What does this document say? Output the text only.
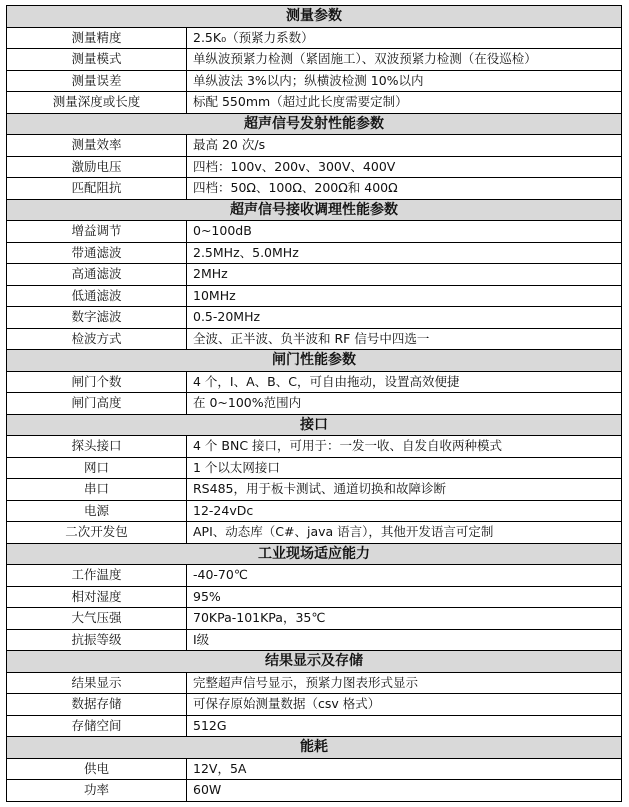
测量参数	
测量精度	2.5K₀（预紧力系数）
测量模式	单纵波预紧力检测（紧固施工）、双波预紧力检测（在役巡检）
测量误差	单纵波法 3%以内；纵横波检测 10%以内
测量深度或长度	标配 550mm（超过此长度需要定制）
超声信号发射性能参数	
测量效率	最高 20 次/s
激励电压	四档：100v、200v、300V、400V
匹配阻抗	四档：50Ω、100Ω、200Ω和 400Ω
超声信号接收调理性能参数	
增益调节	0~100dB
带通滤波	2.5MHz、5.0MHz
高通滤波	2MHz
低通滤波	10MHz
数字滤波	0.5-20MHz
检波方式	全波、正半波、负半波和 RF 信号中四选一
闸门性能参数	
闸门个数	4 个，I、A、B、C，可自由拖动，设置高效便捷
闸门高度	在 0~100%范围内
接口	
探头接口	4 个 BNC 接口，可用于：一发一收、自发自收两种模式
网口	1 个以太网接口
串口	RS485，用于板卡测试、通道切换和故障诊断
电源	12-24vDc
二次开发包	API、动态库（C#、java 语言），其他开发语言可定制
工业现场适应能力	
工作温度	-40-70℃
相对湿度	95%
大气压强	70KPa-101KPa，35℃
抗振等级	Ⅰ级
结果显示及存储	
结果显示	完整超声信号显示，预紧力图表形式显示
数据存储	可保存原始测量数据（csv 格式）
存储空间	512G
能耗	
供电	12V，5A
功率	60W
